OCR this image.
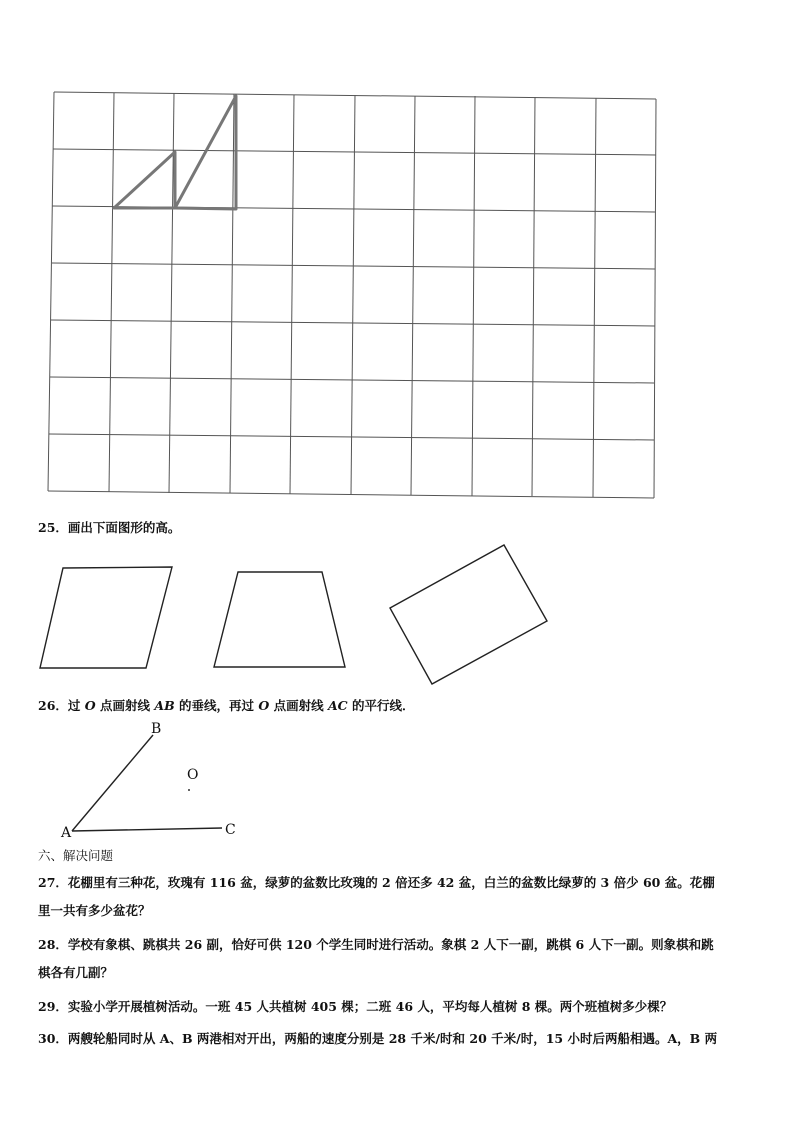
25．画出下面图形的高。
26．过 O 点画射线 AB 的垂线，再过 O 点画射线 AC 的平行线．
B
O
A	C
六、解决问题
27．花棚里有三种花，玫瑰有 116 盆，绿萝的盆数比玫瑰的 2 倍还多 42 盆，白兰的盆数比绿萝的 3 倍少 60 盆。花棚
里一共有多少盆花？
28．学校有象棋、跳棋共 26 副，恰好可供 120 个学生同时进行活动。象棋 2 人下一副，跳棋 6 人下一副。则象棋和跳
棋各有几副？
29．实验小学开展植树活动。一班 45 人共植树 405 棵；二班 46 人，平均每人植树 8 棵。两个班植树多少棵？
30．两艘轮船同时从 A、B 两港相对开出，两船的速度分别是 28 千米/时和 20 千米/时，15 小时后两船相遇。A，B 两
